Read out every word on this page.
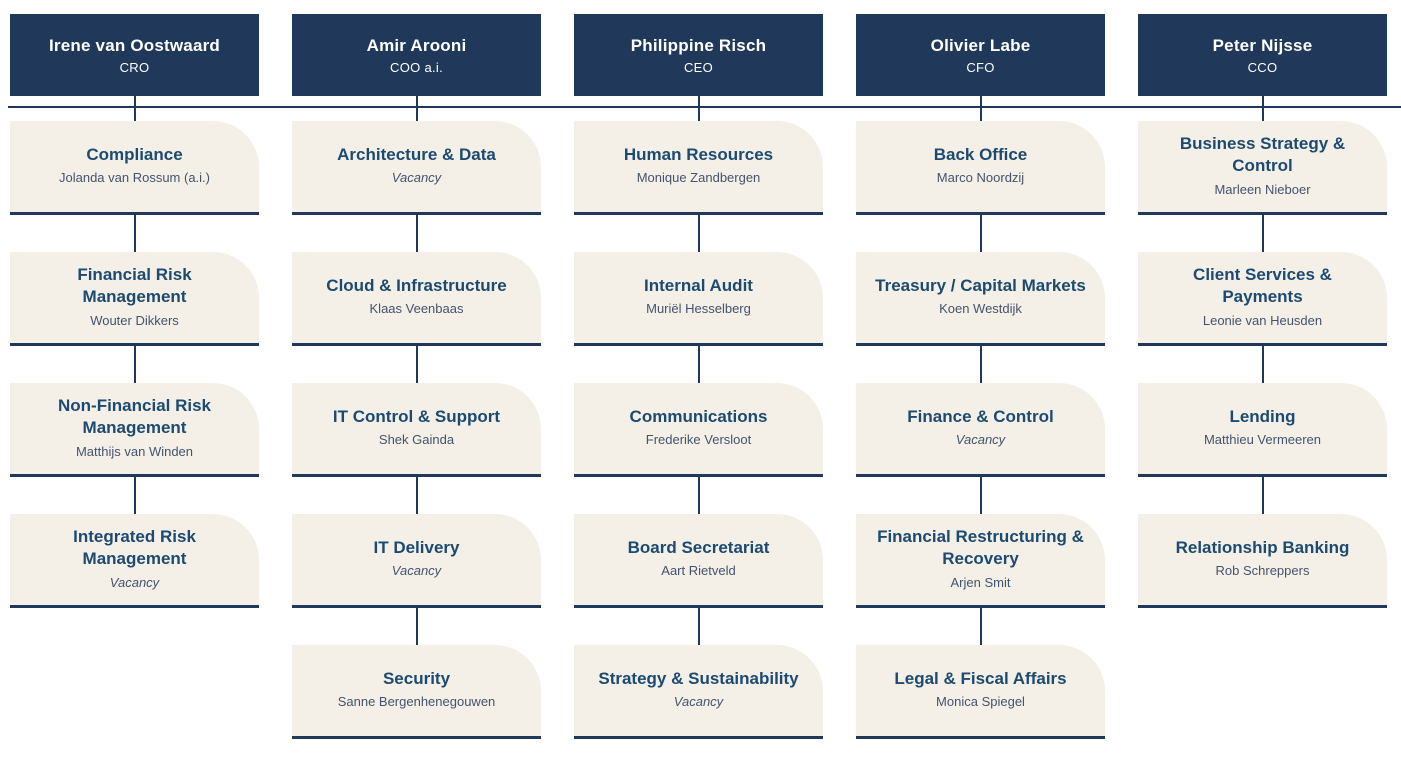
Irene van Oostwaard
CRO
Compliance
Jolanda van Rossum (a.i.)
Financial Risk Management
Wouter Dikkers
Non-Financial Risk Management
Matthijs van Winden
Integrated Risk Management
Vacancy
Amir Arooni
COO a.i.
Architecture & Data
Vacancy
Cloud & Infrastructure
Klaas Veenbaas
IT Control & Support
Shek Gainda
IT Delivery
Vacancy
Security
Sanne Bergenhenegouwen
Philippine Risch
CEO
Human Resources
Monique Zandbergen
Internal Audit
Muriël Hesselberg
Communications
Frederike Versloot
Board Secretariat
Aart Rietveld
Strategy & Sustainability
Vacancy
Olivier Labe
CFO
Back Office
Marco Noordzij
Treasury / Capital Markets
Koen Westdijk
Finance & Control
Vacancy
Financial Restructuring & Recovery
Arjen Smit
Legal & Fiscal Affairs
Monica Spiegel
Peter Nijsse
CCO
Business Strategy & Control
Marleen Nieboer
Client Services & Payments
Leonie van Heusden
Lending
Matthieu Vermeeren
Relationship Banking
Rob Schreppers
